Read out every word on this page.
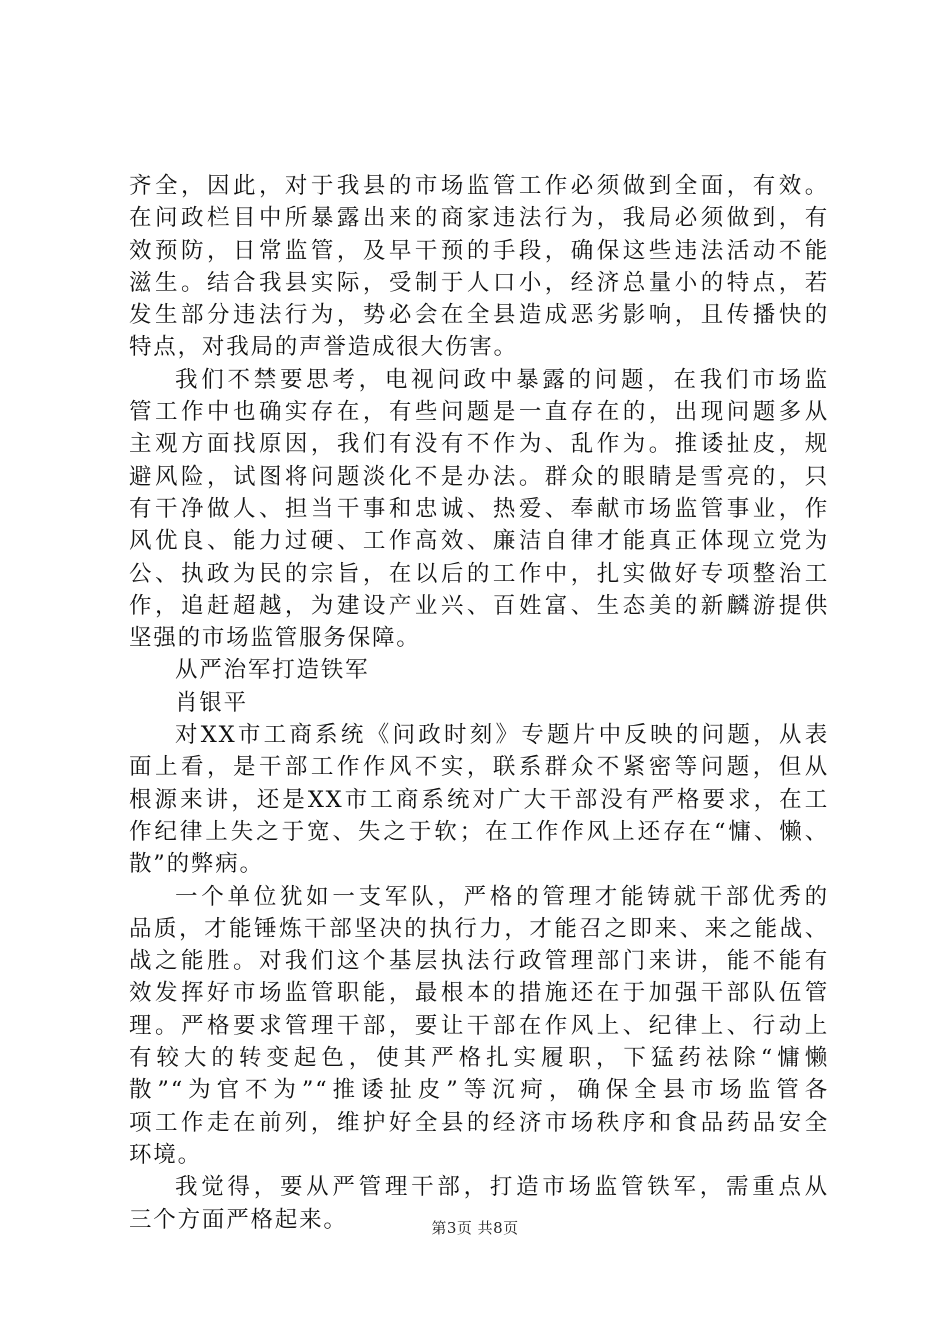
齐全，因此，对于我县的市场监管工作必须做到全面，有效。
在问政栏目中所暴露出来的商家违法行为，我局必须做到，有
效预防，日常监管，及早干预的手段，确保这些违法活动不能
滋生。结合我县实际，受制于人口小，经济总量小的特点，若
发生部分违法行为，势必会在全县造成恶劣影响，且传播快的
特点，对我局的声誉造成很大伤害。
我们不禁要思考，电视问政中暴露的问题，在我们市场监
管工作中也确实存在，有些问题是一直存在的，出现问题多从
主观方面找原因，我们有没有不作为、乱作为。推诿扯皮，规
避风险，试图将问题淡化不是办法。群众的眼睛是雪亮的，只
有干净做人、担当干事和忠诚、热爱、奉献市场监管事业，作
风优良、能力过硬、工作高效、廉洁自律才能真正体现立党为
公、执政为民的宗旨，在以后的工作中，扎实做好专项整治工
作，追赶超越，为建设产业兴、百姓富、生态美的新麟游提供
坚强的市场监管服务保障。
从严治军打造铁军
肖银平
对XX市工商系统《问政时刻》专题片中反映的问题，从表
面上看，是干部工作作风不实，联系群众不紧密等问题，但从
根源来讲，还是XX市工商系统对广大干部没有严格要求，在工
作纪律上失之于宽、失之于软；在工作作风上还存在“慵、懒、
散”的弊病。
一个单位犹如一支军队，严格的管理才能铸就干部优秀的
品质，才能锤炼干部坚决的执行力，才能召之即来、来之能战、
战之能胜。对我们这个基层执法行政管理部门来讲，能不能有
效发挥好市场监管职能，最根本的措施还在于加强干部队伍管
理。严格要求管理干部，要让干部在作风上、纪律上、行动上
有较大的转变起色，使其严格扎实履职，下猛药祛除“慵懒
散”“为官不为”“推诿扯皮”等沉疴，确保全县市场监管各
项工作走在前列，维护好全县的经济市场秩序和食品药品安全
环境。
我觉得，要从严管理干部，打造市场监管铁军，需重点从
三个方面严格起来。	第3页 共8页
